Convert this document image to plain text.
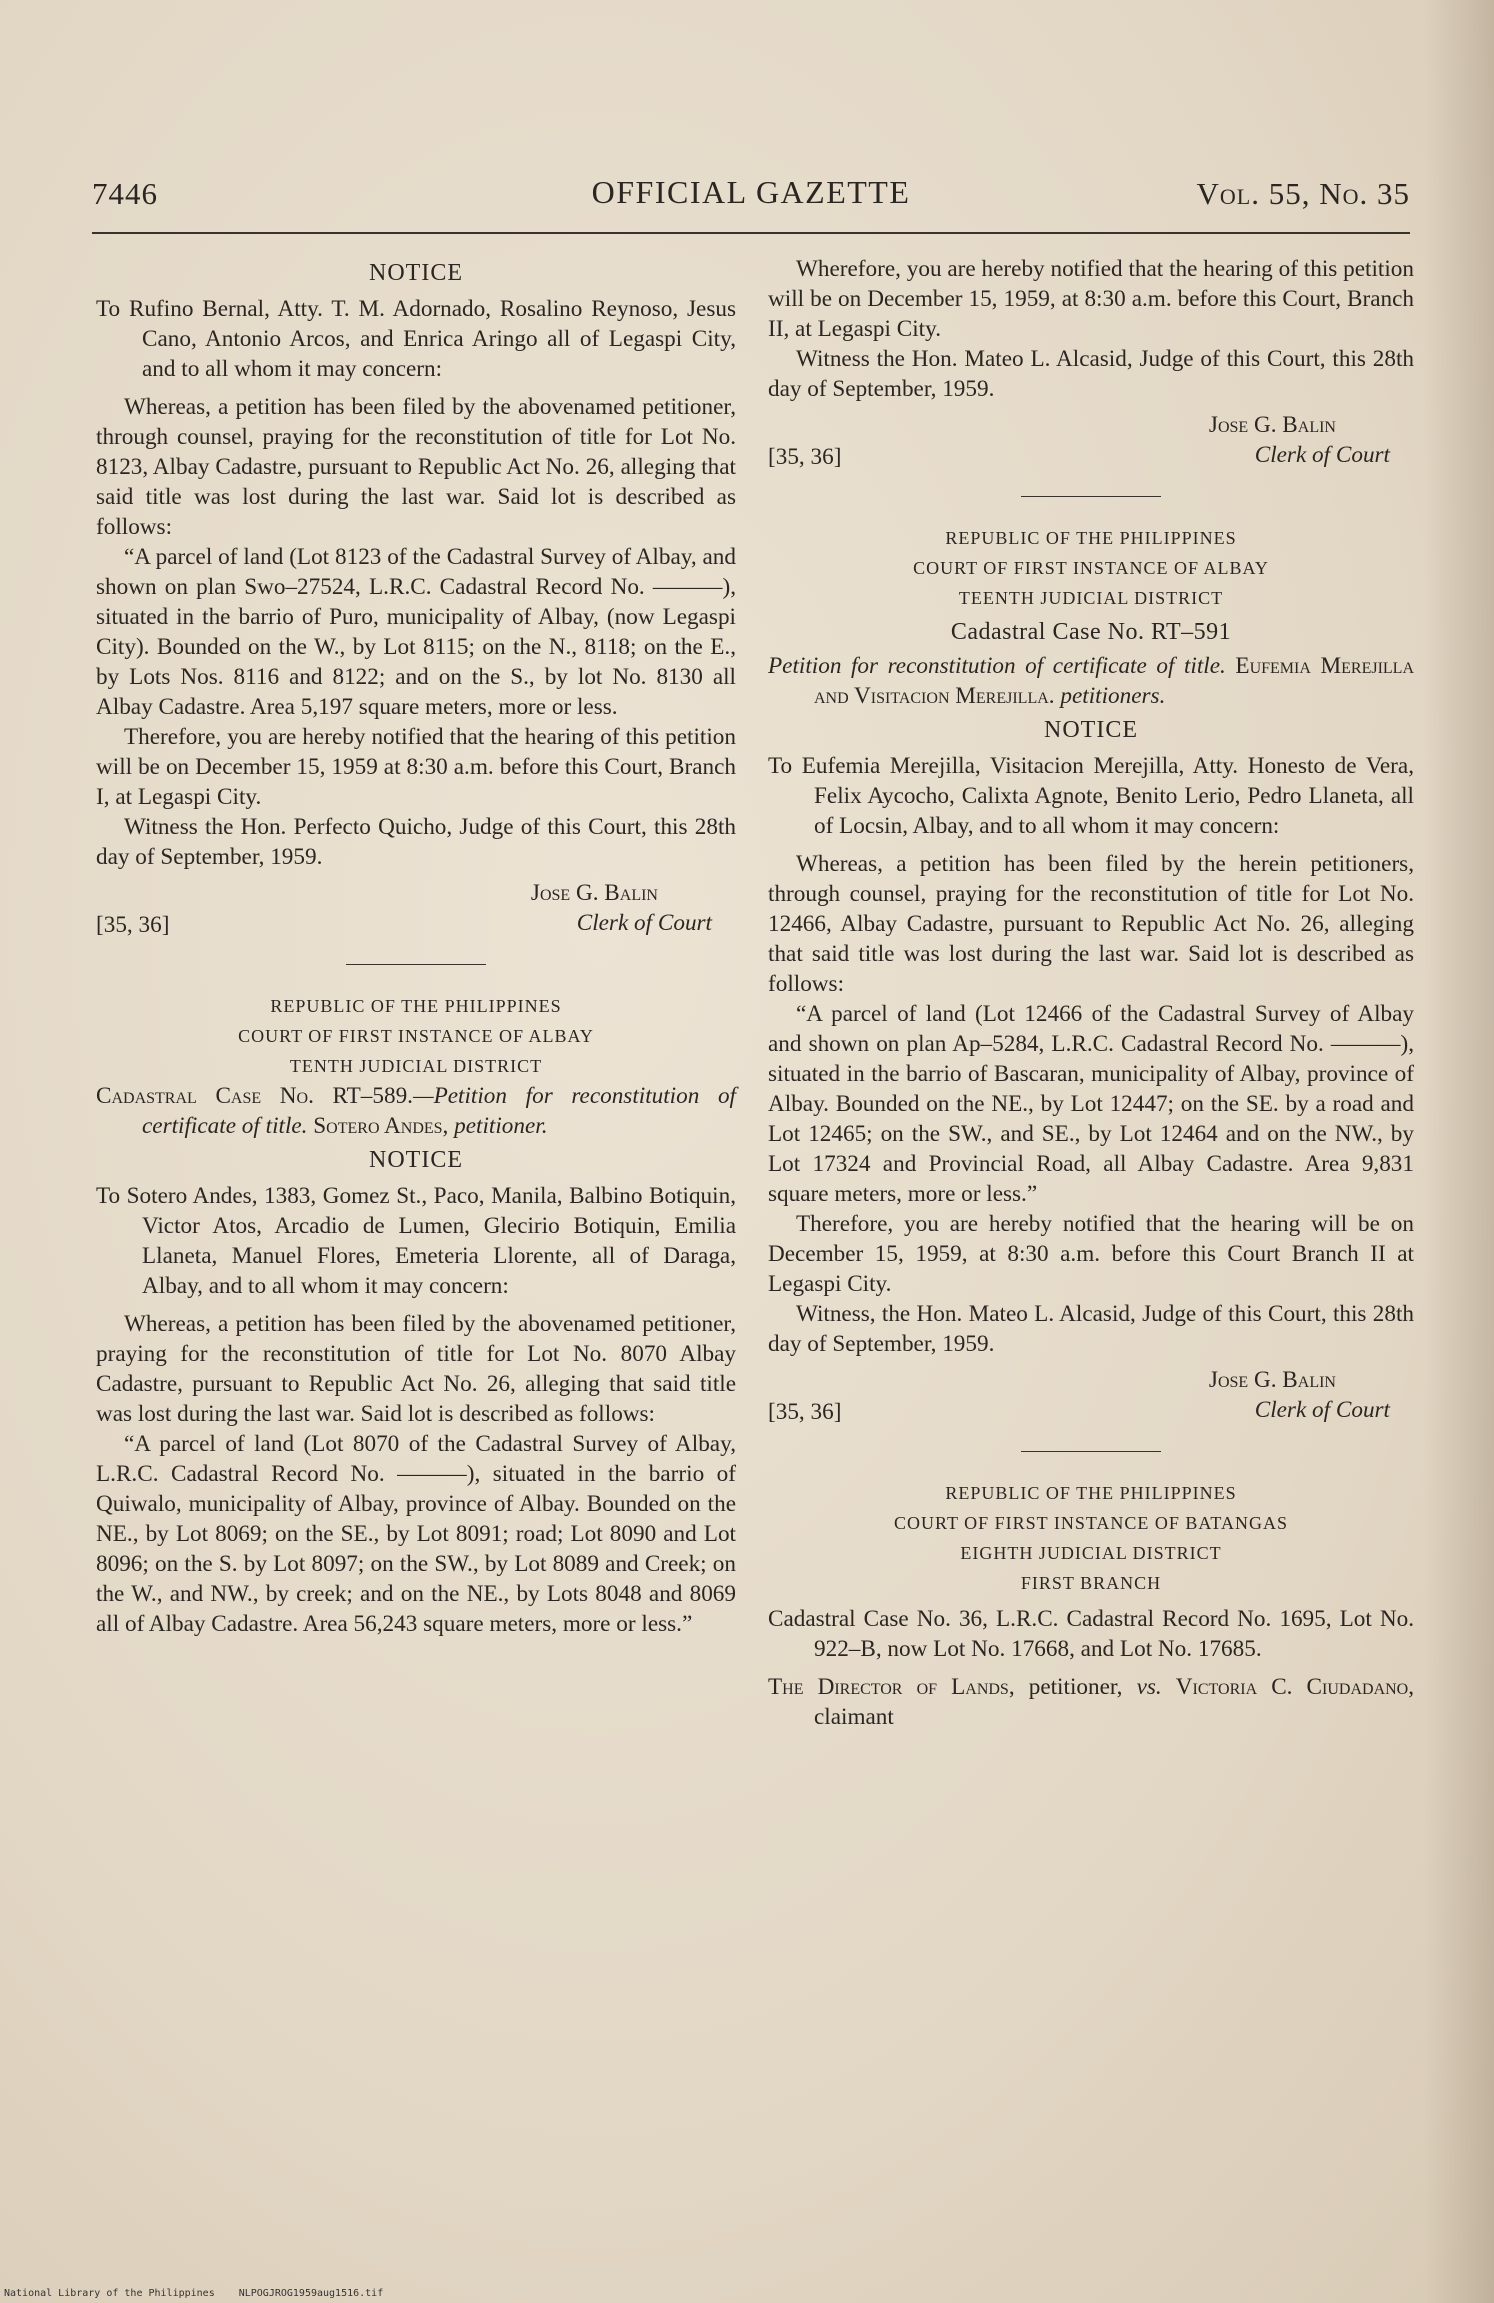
7446	OFFICIAL GAZETTE	Vol. 55, No. 35

NOTICE

To Rufino Bernal, Atty. T. M. Adornado, Rosalino Reynoso, Jesus Cano, Antonio Arcos, and Enrica Aringo all of Legaspi City, and to all whom it may concern:

Whereas, a petition has been filed by the abovenamed petitioner, through counsel, praying for the reconstitution of title for Lot No. 8123, Albay Cadastre, pursuant to Republic Act No. 26, alleging that said title was lost during the last war. Said lot is described as follows:

“A parcel of land (Lot 8123 of the Cadastral Survey of Albay, and shown on plan Swo–27524, L.R.C. Cadastral Record No. ———), situated in the barrio of Puro, municipality of Albay, (now Legaspi City). Bounded on the W., by Lot 8115; on the N., 8118; on the E., by Lots Nos. 8116 and 8122; and on the S., by lot No. 8130 all Albay Cadastre. Area 5,197 square meters, more or less.

Therefore, you are hereby notified that the hearing of this petition will be on December 15, 1959 at 8:30 a.m. before this Court, Branch I, at Legaspi City.

Witness the Hon. Perfecto Quicho, Judge of this Court, this 28th day of September, 1959.

Jose G. Balin
Clerk of Court
[35, 36]

REPUBLIC OF THE PHILIPPINES

COURT OF FIRST INSTANCE OF ALBAY

TENTH JUDICIAL DISTRICT

Cadastral Case No. RT–589.—Petition for reconstitution of certificate of title. Sotero Andes, petitioner.

NOTICE

To Sotero Andes, 1383, Gomez St., Paco, Manila, Balbino Botiquin, Victor Atos, Arcadio de Lumen, Glecirio Botiquin, Emilia Llaneta, Manuel Flores, Emeteria Llorente, all of Daraga, Albay, and to all whom it may concern:

Whereas, a petition has been filed by the abovenamed petitioner, praying for the reconstitution of title for Lot No. 8070 Albay Cadastre, pursuant to Republic Act No. 26, alleging that said title was lost during the last war. Said lot is described as follows:

“A parcel of land (Lot 8070 of the Cadastral Survey of Albay, L.R.C. Cadastral Record No. ———), situated in the barrio of Quiwalo, municipality of Albay, province of Albay. Bounded on the NE., by Lot 8069; on the SE., by Lot 8091; road; Lot 8090 and Lot 8096; on the S. by Lot 8097; on the SW., by Lot 8089 and Creek; on the W., and NW., by creek; and on the NE., by Lots 8048 and 8069 all of Albay Cadastre. Area 56,243 square meters, more or less.”

Wherefore, you are hereby notified that the hearing of this petition will be on December 15, 1959, at 8:30 a.m. before this Court, Branch II, at Legaspi City.

Witness the Hon. Mateo L. Alcasid, Judge of this Court, this 28th day of September, 1959.

Jose G. Balin
Clerk of Court
[35, 36]

REPUBLIC OF THE PHILIPPINES

COURT OF FIRST INSTANCE OF ALBAY

TEENTH JUDICIAL DISTRICT

Cadastral Case No. RT–591

Petition for reconstitution of certificate of title. Eufemia Merejilla and Visitacion Merejilla. petitioners.

NOTICE

To Eufemia Merejilla, Visitacion Merejilla, Atty. Honesto de Vera, Felix Aycocho, Calixta Agnote, Benito Lerio, Pedro Llaneta, all of Locsin, Albay, and to all whom it may concern:

Whereas, a petition has been filed by the herein petitioners, through counsel, praying for the reconstitution of title for Lot No. 12466, Albay Cadastre, pursuant to Republic Act No. 26, alleging that said title was lost during the last war. Said lot is described as follows:

“A parcel of land (Lot 12466 of the Cadastral Survey of Albay and shown on plan Ap–5284, L.R.C. Cadastral Record No. ———), situated in the barrio of Bascaran, municipality of Albay, province of Albay. Bounded on the NE., by Lot 12447; on the SE. by a road and Lot 12465; on the SW., and SE., by Lot 12464 and on the NW., by Lot 17324 and Provincial Road, all Albay Cadastre. Area 9,831 square meters, more or less.”

Therefore, you are hereby notified that the hearing will be on December 15, 1959, at 8:30 a.m. before this Court Branch II at Legaspi City.

Witness, the Hon. Mateo L. Alcasid, Judge of this Court, this 28th day of September, 1959.

Jose G. Balin
Clerk of Court
[35, 36]

REPUBLIC OF THE PHILIPPINES

COURT OF FIRST INSTANCE OF BATANGAS

EIGHTH JUDICIAL DISTRICT

FIRST BRANCH

Cadastral Case No. 36, L.R.C. Cadastral Record No. 1695, Lot No. 922–B, now Lot No. 17668, and Lot No. 17685.

The Director of Lands, petitioner, vs. Victoria C. Ciudadano, claimant

National Library of the Philippines NLPOGJROG1959aug1516.tif
